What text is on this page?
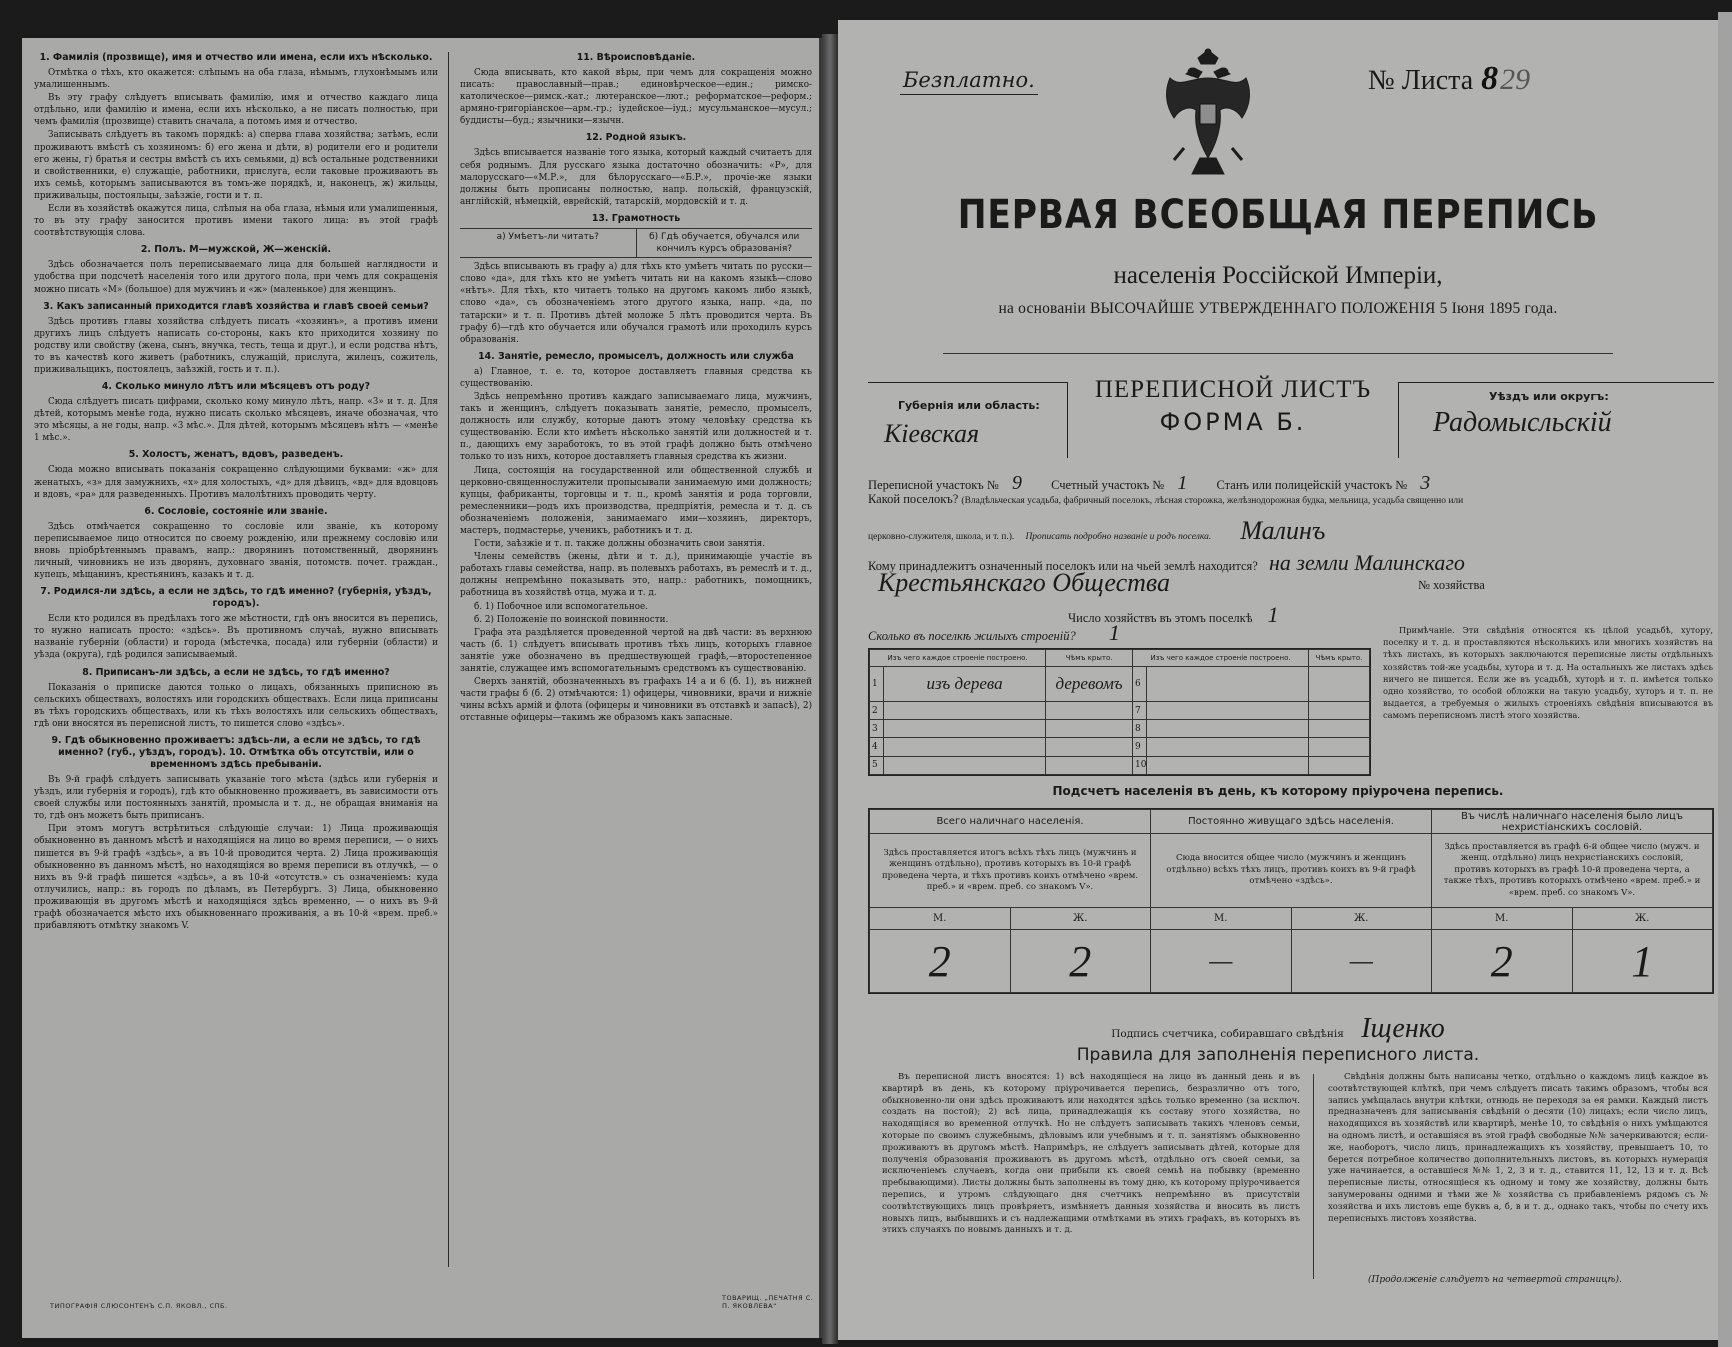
1. Фамилія (прозвище), имя и отчество или имена, если ихъ нѣсколько.

Отмѣтка о тѣхъ, кто окажется: слѣпымъ на оба глаза, нѣмымъ, глухонѣмымъ или умалишеннымъ.

Въ эту графу слѣдуетъ вписывать фамилію, имя и отчество каждаго лица отдѣльно, или фамилію и имена, если ихъ нѣсколько, а не писать полностью, при чемъ фамилія (прозвище) ставить сначала, а потомъ имя и отчество.

Записывать слѣдуетъ въ такомъ порядкѣ: а) сперва глава хозяйства; затѣмъ, если проживаютъ вмѣстѣ съ хозяиномъ: б) его жена и дѣти, в) родители его и родители его жены, г) братья и сестры вмѣстѣ съ ихъ семьями, д) всѣ остальные родственники и свойственники, е) служащіе, работники, прислуга, если таковые проживаютъ въ ихъ семьѣ, которымъ записываются въ томъ-же порядкѣ, и, наконецъ, ж) жильцы, приживальцы, постояльцы, заѣзжіе, гости и т. п.

Если въ хозяйствѣ окажутся лица, слѣпыя на оба глаза, нѣмыя или умалишенныя, то въ эту графу заносится противъ имени такого лица: въ этой графѣ соотвѣтствующія слова.

2. Полъ. М—мужской, Ж—женскій.

Здѣсь обозначается полъ переписываемаго лица для большей наглядности и удобства при подсчетѣ населенія того или другого пола, при чемъ для сокращенія можно писать «М» (большое) для мужчинъ и «ж» (маленькое) для женщинъ.

3. Какъ записанный приходится главѣ хозяйства и главѣ своей семьи?

Здѣсь противъ главы хозяйства слѣдуетъ писать «хозяинъ», а противъ имени другихъ лицъ слѣдуетъ написать со-стороны, какъ кто приходится хозяину по родству или свойству (жена, сынъ, внучка, тесть, теща и друг.), и если родства нѣтъ, то въ качествѣ кого живетъ (работникъ, служащій, прислуга, жилецъ, сожитель, приживальщикъ, постоялецъ, заѣзжій, гость и т. п.).

4. Сколько минуло лѣтъ или мѣсяцевъ отъ роду?

Сюда слѣдуетъ писать цифрами, сколько кому минуло лѣтъ, напр. «3» и т. д. Для дѣтей, которымъ менѣе года, нужно писать сколько мѣсяцевъ, иначе обозначая, что это мѣсяцы, а не годы, напр. «3 мѣс.». Для дѣтей, которымъ мѣсяцевъ нѣтъ — «менѣе 1 мѣс.».

5. Холостъ, женатъ, вдовъ, разведенъ.

Сюда можно вписывать показанія сокращенно слѣдующими буквами: «ж» для женатыхъ, «з» для замужнихъ, «х» для холостыхъ, «д» для дѣвицъ, «вд» для вдовцовъ и вдовъ, «ра» для разведенныхъ. Противъ малолѣтнихъ проводить черту.

6. Сословіе, состояніе или званіе.

Здѣсь отмѣчается сокращенно то сословіе или званіе, къ которому переписываемое лицо относится по своему рожденію, или прежнему сословію или вновь пріобрѣтеннымъ правамъ, напр.: дворянинъ потомственный, дворянинъ личный, чиновникъ не изъ дворянъ, духовнаго званія, потомств. почет. граждан., купецъ, мѣщанинъ, крестьянинъ, казакъ и т. д.

7. Родился-ли здѣсь, а если не здѣсь, то гдѣ именно? (губернія, уѣздъ, городъ).

Если кто родился въ предѣлахъ того же мѣстности, гдѣ онъ вносится въ перепись, то нужно написать просто: «здѣсь». Въ противномъ случаѣ, нужно вписывать названіе губерніи (области) и города (мѣстечка, посада) или губерніи (области) и уѣзда (округа), гдѣ родился записываемый.

8. Приписанъ-ли здѣсь, а если не здѣсь, то гдѣ именно?

Показанія о приписке даются только о лицахъ, обязанныхъ приписною въ сельскихъ обществахъ, волостяхъ или городскихъ обществахъ. Если лица приписаны въ тѣхъ городскихъ обществахъ, или къ тѣхъ волостяхъ или сельскихъ обществахъ, гдѣ они вносятся въ переписной листъ, то пишется слово «здѣсь».

9. Гдѣ обыкновенно проживаетъ: здѣсь-ли, а если не здѣсь, то гдѣ именно? (губ., уѣздъ, городъ). 10. Отмѣтка объ отсутствіи, или о временномъ здѣсь пребываніи.

Въ 9-й графѣ слѣдуетъ записывать указаніе того мѣста (здѣсь или губернія и уѣздъ, или губернія и городъ), гдѣ кто обыкновенно проживаетъ, въ зависимости отъ своей службы или постоянныхъ занятій, промысла и т. д., не обращая вниманія на то, гдѣ онъ можетъ быть приписанъ.

При этомъ могутъ встрѣтиться слѣдующіе случаи: 1) Лица проживающія обыкновенно въ данномъ мѣстѣ и находящіяся на лицо во время переписи, — о нихъ пишется въ 9-й графѣ «здѣсь», а въ 10-й проводится черта. 2) Лица проживающія обыкновенно въ данномъ мѣстѣ, но находящіяся во время переписи въ отлучкѣ, — о нихъ въ 9-й графѣ пишется «здѣсь», а въ 10-й «отсутств.» съ означеніемъ: куда отлучились, напр.: въ городъ по дѣламъ, въ Петербургъ. 3) Лица, обыкновенно проживающія въ другомъ мѣстѣ и находящіяся здѣсь временно, — о нихъ въ 9-й графѣ обозначается мѣсто ихъ обыкновеннаго проживанія, а въ 10-й «врем. преб.» прибавляютъ отмѣтку знакомъ V.

11. Вѣроисповѣданіе.

Сюда вписывать, кто какой вѣры, при чемъ для сокращенія можно писать: православный—прав.; единовѣрческое—един.; римско-католическое—римск.-кат.; лютеранское—лют.; реформатское—реформ.; армяно-григоріанское—арм.-гр.; іудейское—іуд.; мусульманское—мусул.; буддисты—буд.; язычники—язычн.

12. Родной языкъ.

Здѣсь вписывается названіе того языка, который каждый считаетъ для себя роднымъ. Для русскаго языка достаточно обозначить: «Р», для малорусскаго—«М.Р.», для бѣлорусскаго—«Б.Р.», прочіе-же языки должны быть прописаны полностью, напр. польскій, французскій, англійскій, нѣмецкій, еврейскій, татарскій, мордовскій и т. д.

13. Грамотность
а) Умѣетъ-ли читать?	б) Гдѣ обучается, обучался или кончилъ курсъ образованія?

Здѣсь вписывають въ графу а) для тѣхъ кто умѣетъ читать по русски—слово «да», для тѣхъ кто не умѣетъ читать ни на какомъ языкѣ—слово «нѣтъ». Для тѣхъ, кто читаетъ только на другомъ какомъ либо языкѣ, слово «да», съ обозначеніемъ этого другого языка, напр. «да, по татарски» и т. п. Противъ дѣтей моложе 5 лѣтъ проводится черта. Въ графу б)—гдѣ кто обучается или обучался грамотѣ или проходилъ курсъ образованія.

14. Занятіе, ремесло, промыселъ, должность или служба

а) Главное, т. е. то, которое доставляетъ главныя средства къ существованію.

Здѣсь непремѣнно противъ каждаго записываемаго лица, мужчинъ, такъ и женщинъ, слѣдуетъ показывать занятіе, ремесло, промыселъ, должность или службу, которые даютъ этому человѣку средства къ существованію. Если кто имѣетъ нѣсколько занятій или должностей и т. п., дающихъ ему заработокъ, то въ этой графѣ должно быть отмѣчено только то изъ нихъ, которое доставляетъ главныя средства къ жизни.

Лица, состоящія на государственной или общественной службѣ и церковно-священнослужители пропысывали занимаемую ими должность; купцы, фабриканты, торговцы и т. п., кромѣ занятія и рода торговли, ремесленники—родъ ихъ производства, предпріятія, ремесла и т. д. съ обозначеніемъ положенія, занимаемаго ими—хозяинъ, директоръ, мастеръ, подмастерье, ученикъ, работникъ и т. д.

Гости, заѣзжіе и т. п. также должны обозначить свои занятія.

Члены семействъ (жены, дѣти и т. д.), принимающіе участіе въ работахъ главы семейства, напр. въ полевыхъ работахъ, въ ремеслѣ и т. д., должны непремѣнно показывать это, напр.: работникъ, помощникъ, работница въ хозяйствѣ отца, мужа и т. д.

б. 1) Побочное или вспомогательное.

б. 2) Положеніе по воинской повинности.

Графа эта раздѣляется проведенной чертой на двѣ части: въ верхнюю часть (б. 1) слѣдуетъ вписывать противъ тѣхъ лицъ, которыхъ главное занятіе уже обозначено въ предшествующей графѣ,—второстепенное занятіе, служащее имъ вспомогательнымъ средствомъ къ существованію.

Сверхъ занятій, обозначенныхъ въ графахъ 14 а и 6 (б. 1), въ нижней части графы б (б. 2) отмѣчаются: 1) офицеры, чиновники, врачи и нижніе чины всѣхъ армій и флота (офицеры и чиновники въ отставкѣ и запасѣ), 2) отставные офицеры—такимъ же образомъ какъ запасные.

ТИПОГРАФІЯ СЛЮСОНТЕНЪ С.П. ЯКОВЛ., СПБ.
ТОВАРИЩ. „ПЕЧАТНЯ С. П. ЯКОВЛЕВА“
Безплатно.	№ Листа 829
ПЕРВАЯ ВСЕОБЩАЯ ПЕРЕПИСЬ
населенія Россійской Имперіи,
на основаніи ВЫСОЧАЙШЕ УТВЕРЖДЕННАГО ПОЛОЖЕНІЯ 5 Іюня 1895 года.
Губернія или область:
Кіевская
ПЕРЕПИСНОЙ ЛИСТЪ
ФОРМА Б.
Уѣздъ или округъ:
Радомысльскій
Переписной участокъ № 9 Счетный участокъ № 1 Станъ или полицейскій участокъ № 3
Какой поселокъ? (Владѣльческая усадьба, фабричный поселокъ, лѣсная сторожка, желѣзнодорожная будка, мельница, усадьба священно или
церковно-служителя, школа, и т. п.). Прописать подробно названіе и родъ поселка. Малинъ
Кому принадлежитъ означенный поселокъ или на чьей землѣ находится? на земли Малинскаго
Крестьянскаго Общества	№ хозяйства
Число хозяйствъ въ этомъ поселкѣ 1
Сколько въ поселкѣ жилыхъ строеній? 1
Изъ чего каждое строеніе построено.		Чѣмъ крыто.	Изъ чего каждое строеніе построено.		Чѣмъ крыто.
1	изъ дерева	деревомъ	6		
2			7		
3			8		
4			9		
5			10		
Примѣчаніе. Эти свѣдѣнія относятся къ цѣлой усадьбѣ, хутору, поселку и т. д. и проставляются нѣсколькихъ или многихъ хозяйствъ на тѣхъ листахъ, въ которыхъ заключаются переписные листы отдѣльныхъ хозяйствъ той-же усадьбы, хутора и т. д. На остальныхъ же листахъ здѣсь ничего не пишется. Если же въ усадьбѣ, хуторѣ и т. п. имѣется только одно хозяйство, то особой обложки на такую усадьбу, хуторъ и т. п. не выдается, а требуемыя о жилыхъ строеніяхъ свѣдѣнія вписываются въ самомъ переписномъ листѣ этого хозяйства.
Подсчетъ населенія въ день, къ которому пріурочена перепись.
Всего наличнаго населенія.		Постоянно живущаго здѣсь населенія.		Въ числѣ наличнаго населенія было лицъ нехристіанскихъ сословій.	
Здѣсь проставляется итогъ всѣхъ тѣхъ лицъ (мужчинъ и женщинъ отдѣльно), противъ которыхъ въ 10-й графѣ проведена черта, и тѣхъ противъ коихъ отмѣчено «врем. преб.» и «врем. преб. со знакомъ V».		Сюда вносится общее число (мужчинъ и женщинъ отдѣльно) всѣхъ тѣхъ лицъ, противъ коихъ въ 9-й графѣ отмѣчено «здѣсь».		Здѣсь проставляется въ графѣ 6-й общее число (мужч. и женщ. отдѣльно) лицъ нехристіанскихъ сословій, противъ которыхъ въ графѣ 10-й проведена черта, а также тѣхъ, противъ которыхъ отмѣчено «врем. преб.» и «врем. преб. со знакомъ V».	
М.	Ж.	М.	Ж.	М.	Ж.
2	2	—	—	2	1
Подпись счетчика, собиравшаго свѣдѣнія Іщенко
Правила для заполненія переписного листа.
Въ переписной листъ вносятся: 1) всѣ находящіеся на лицо въ данный день и въ квартирѣ въ день, къ которому пріурочивается перепись, безразлично отъ того, обыкновенно-ли они здѣсь проживаютъ или находятся здѣсь только временно (за исключ. создать на постой); 2) всѣ лица, принадлежащія къ составу этого хозяйства, но находящіяся во временной отлучкѣ. Но не слѣдуетъ записывать такихъ членовъ семьи, которые по своимъ служебнымъ, дѣловымъ или учебнымъ и т. п. занятіямъ обыкновенно проживаютъ въ другомъ мѣстѣ. Напримѣръ, не слѣдуетъ записывать дѣтей, которые для полученія образованія проживаютъ въ другомъ мѣстѣ, отдѣльно отъ своей семьи, за исключеніемъ случаевъ, когда они прибыли къ своей семьѣ на побывку (временно пребывающими). Листы должны быть заполнены въ тому дню, къ которому пріурочивается перепись, и утромъ слѣдующаго дня счетчикъ непремѣнно въ присутствіи соотвѣтствующихъ лицъ провѣряетъ, измѣняетъ данныя хозяйства и вносить въ листъ новыхъ лицъ, выбывшихъ и съ надлежащими отмѣтками въ этихъ графахъ, въ которыхъ въ этихъ случаяхъ по новымъ данныхъ и т. д.
Свѣдѣнія должны быть написаны четко, отдѣльно о каждомъ лицѣ каждое въ соотвѣтствующей клѣткѣ, при чемъ слѣдуетъ писать такимъ образомъ, чтобы вся запись умѣщалась внутри клѣтки, отнюдь не переходя за ея рамки. Каждый листъ предназначенъ для записыванія свѣдѣній о десяти (10) лицахъ; если число лицъ, находящихся въ хозяйствѣ или квартирѣ, менѣе 10, то свѣдѣнія о нихъ умѣщаются на одномъ листѣ, и оставшіяся въ этой графѣ свободные №№ зачеркиваются; если-же, наоборотъ, число лицъ, принадлежащихъ къ хозяйству, превышаетъ 10, то берется потребное количество дополнительныхъ листовъ, въ которыхъ нумерація уже начинается, а оставшіеся №№ 1, 2, 3 и т. д., ставится 11, 12, 13 и т. д. Всѣ переписные листы, относящіеся къ одному и тому же хозяйству, должны быть занумерованы одними и тѣми же № хозяйства съ прибавленіемъ рядомъ съ № хозяйства и ихъ листовъ еще буквъ а, б, в и т. д., однако такъ, чтобы по счету ихъ переписныхъ листовъ хозяйства.
(Продолженіе слѣдуетъ на четвертой страницѣ).
